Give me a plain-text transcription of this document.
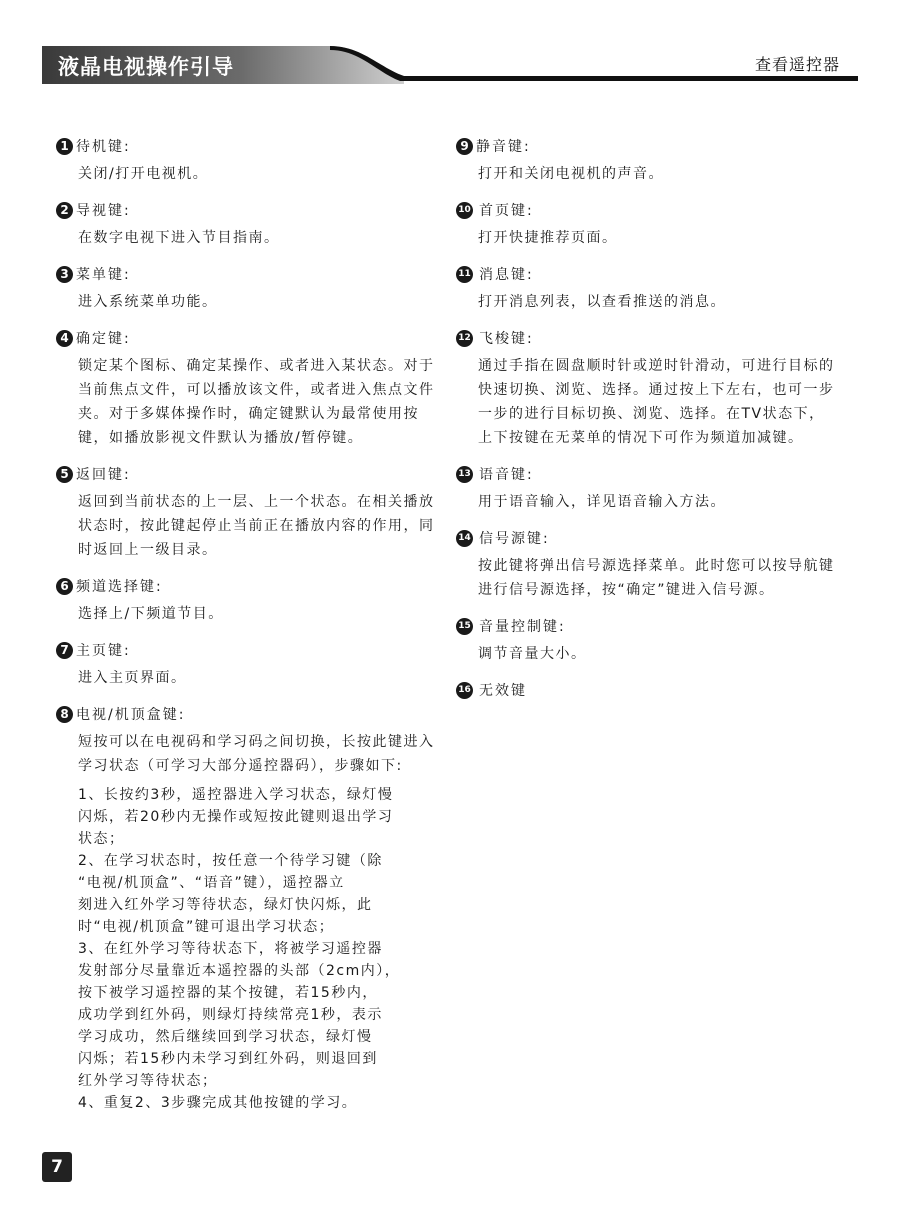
液晶电视操作引导	查看遥控器
1 待机键:
关闭/打开电视机。
2 导视键:
在数字电视下进入节目指南。
3 菜单键:
进入系统菜单功能。
4 确定键:
锁定某个图标、确定某操作、或者进入某状态。对于当前焦点文件，可以播放该文件，或者进入焦点文件夹。对于多媒体操作时，确定键默认为最常使用按键，如播放影视文件默认为播放/暂停键。
5 返回键:
返回到当前状态的上一层、上一个状态。在相关播放状态时，按此键起停止当前正在播放内容的作用，同时返回上一级目录。
6 频道选择键:
选择上/下频道节目。
7 主页键:
进入主页界面。
8 电视/机顶盒键:
短按可以在电视码和学习码之间切换，长按此键进入学习状态（可学习大部分遥控器码），步骤如下:
1、长按约3秒，遥控器进入学习状态，绿灯慢
闪烁，若20秒内无操作或短按此键则退出学习
状态；
2、在学习状态时，按任意一个待学习键（除
“电视/机顶盒”、“语音”键），遥控器立
刻进入红外学习等待状态，绿灯快闪烁，此
时“电视/机顶盒”键可退出学习状态；
3、在红外学习等待状态下，将被学习遥控器
发射部分尽量靠近本遥控器的头部（2cm内），
按下被学习遥控器的某个按键，若15秒内，
成功学到红外码，则绿灯持续常亮1秒，表示
学习成功，然后继续回到学习状态，绿灯慢
闪烁；若15秒内未学习到红外码，则退回到
红外学习等待状态；
4、重复2、3步骤完成其他按键的学习。
9 静音键:
打开和关闭电视机的声音。
10 首页键:
打开快捷推荐页面。
11 消息键:
打开消息列表，以查看推送的消息。
12 飞梭键:
通过手指在圆盘顺时针或逆时针滑动，可进行目标的快速切换、浏览、选择。通过按上下左右，也可一步一步的进行目标切换、浏览、选择。在TV状态下，上下按键在无菜单的情况下可作为频道加减键。
13 语音键:
用于语音输入，详见语音输入方法。
14 信号源键:
按此键将弹出信号源选择菜单。此时您可以按导航键进行信号源选择，按“确定”键进入信号源。
15 音量控制键:
调节音量大小。
16 无效键
7
